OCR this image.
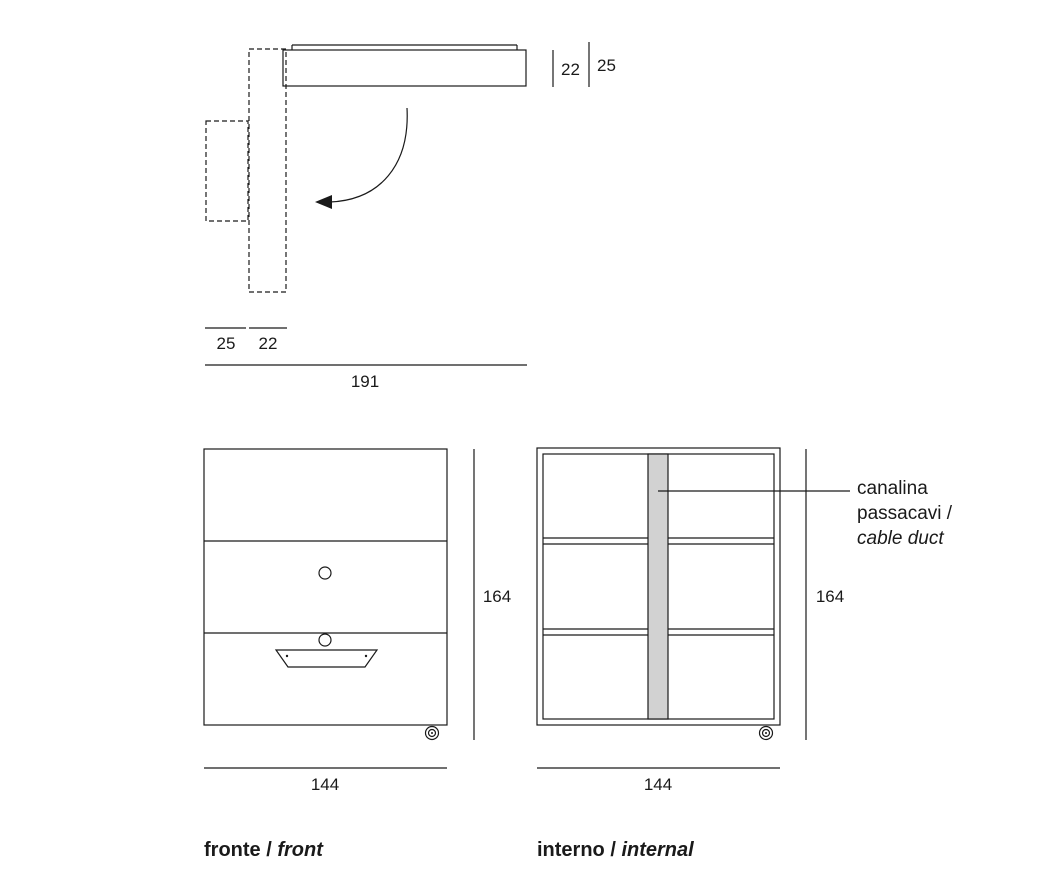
22 25
25 22
191
164
144
164
144
canalina
passacavi /
cable duct
fronte / front	interno / internal
